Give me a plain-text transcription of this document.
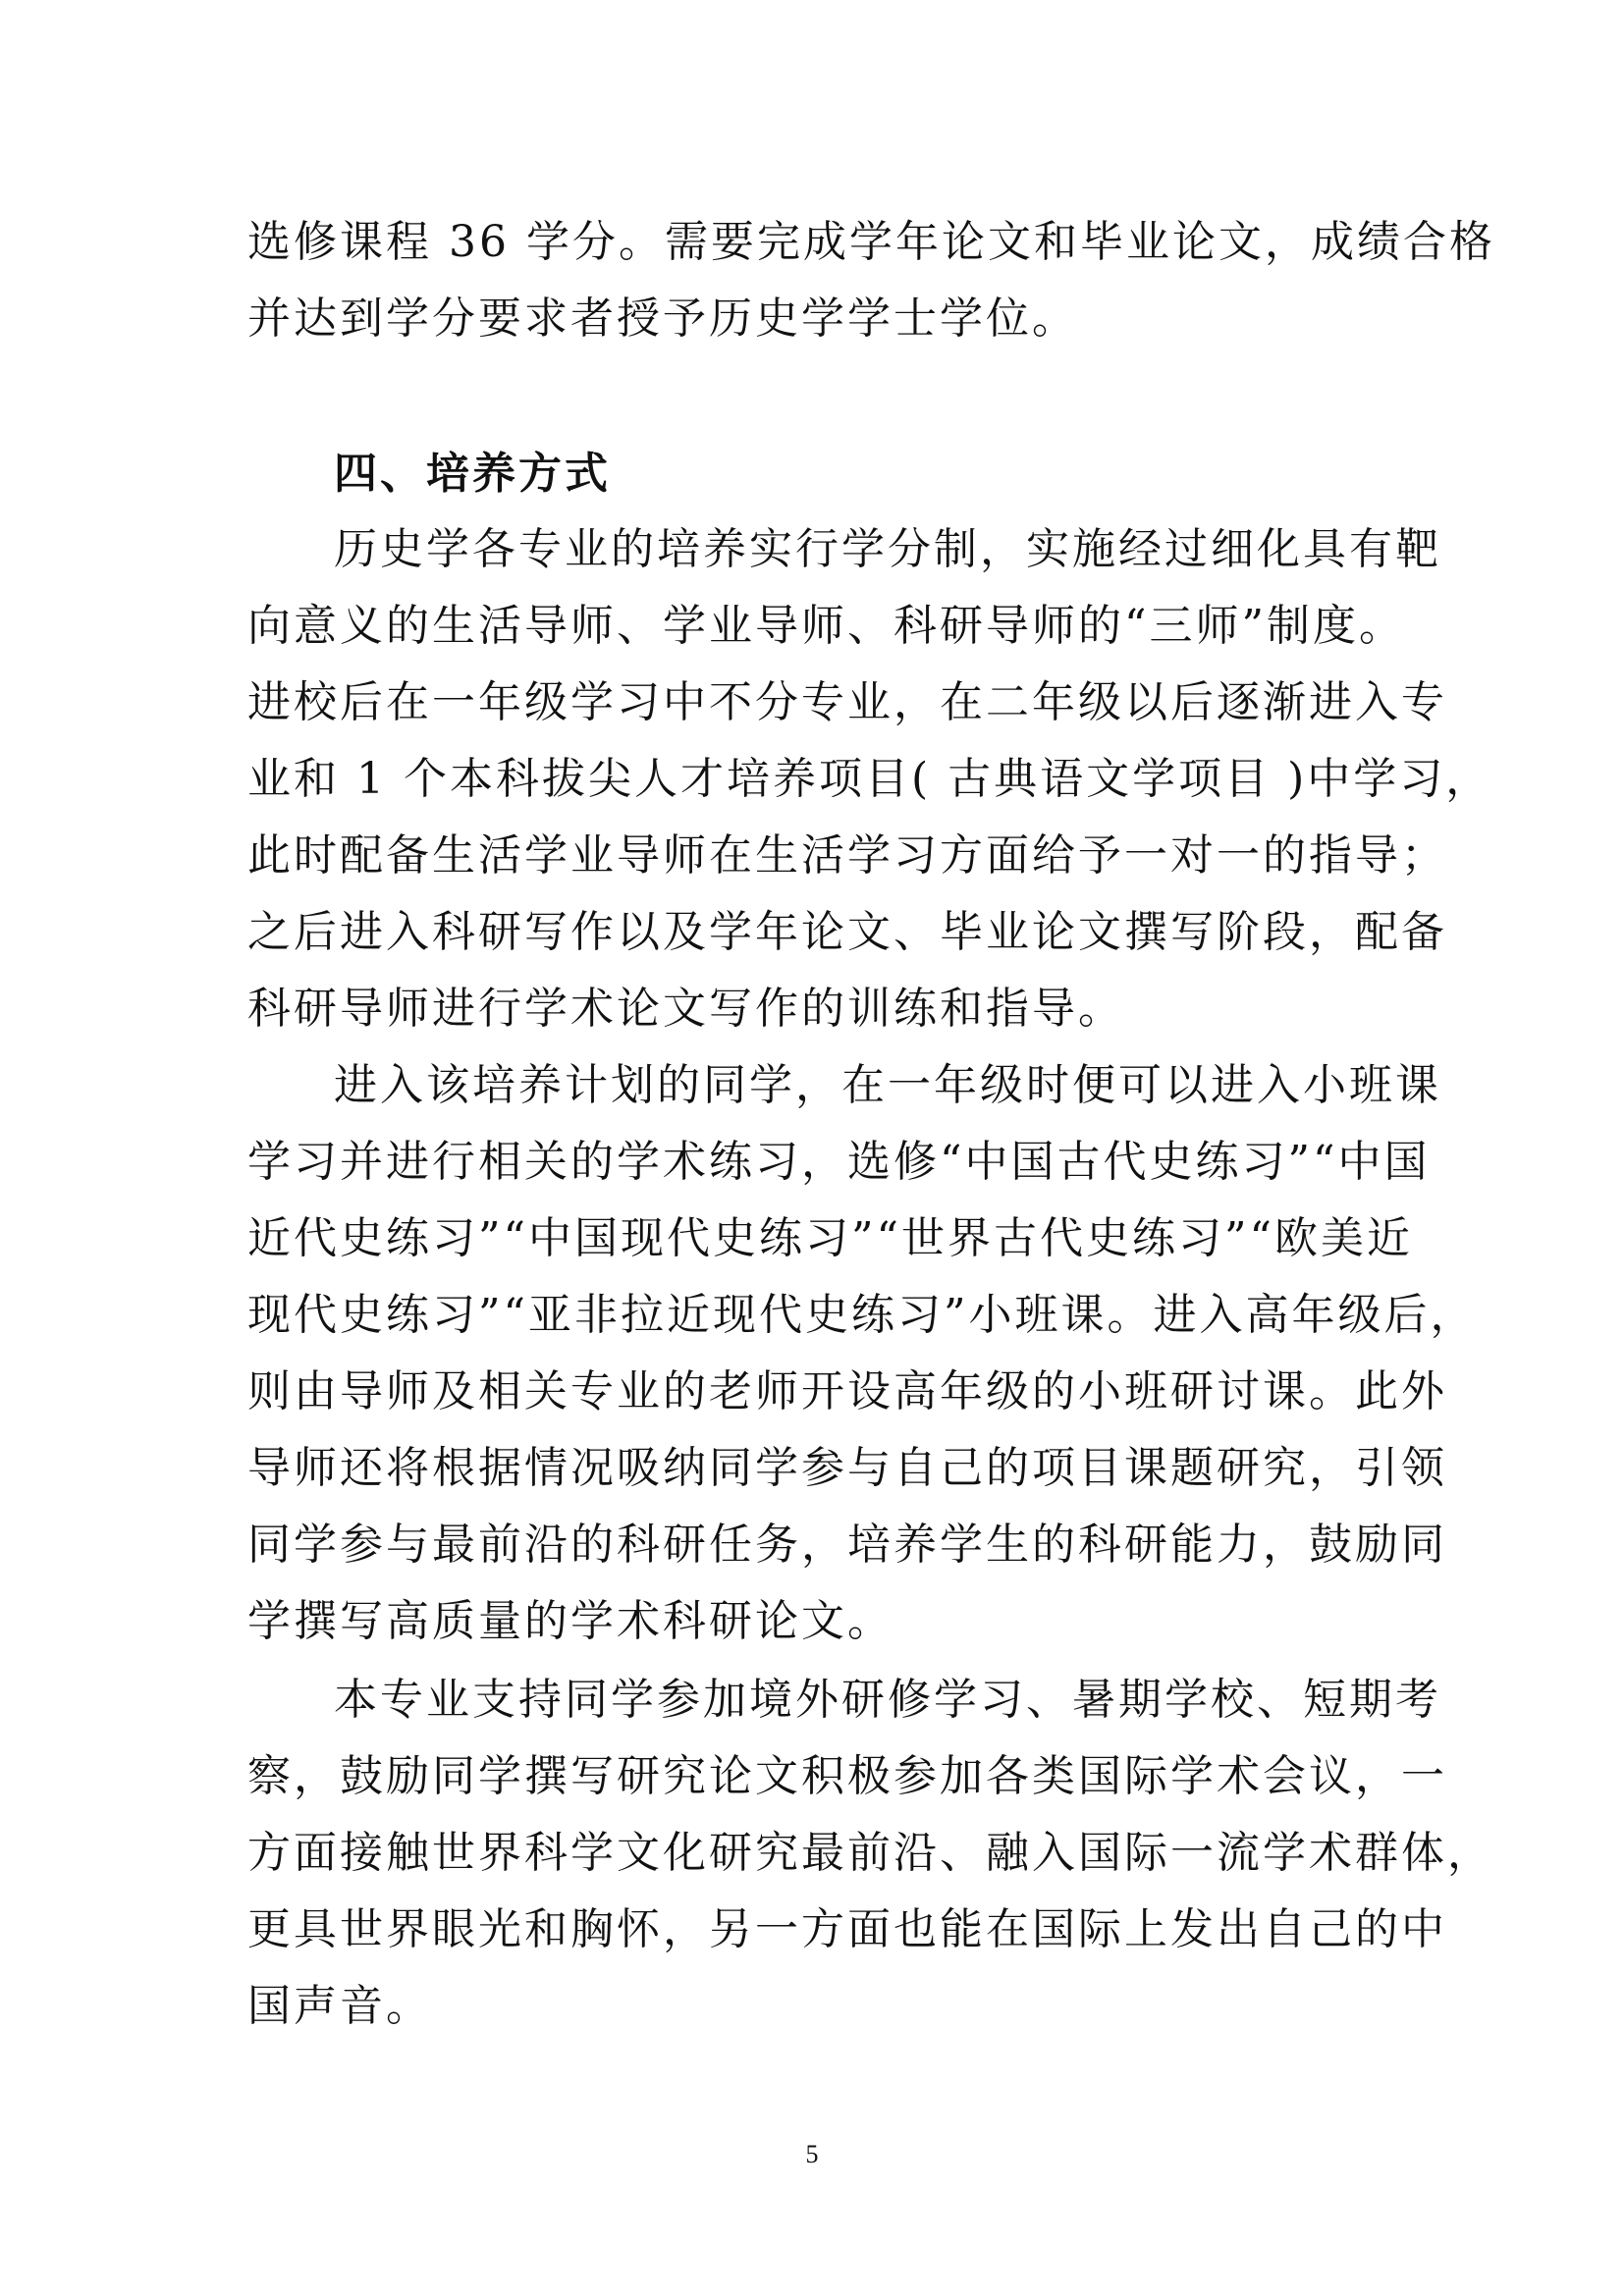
选修课程 36 学分。需要完成学年论文和毕业论文，成绩合格
并达到学分要求者授予历史学学士学位。
四、培养方式
历史学各专业的培养实行学分制，实施经过细化具有靶
向意义的生活导师、学业导师、科研导师的“三师”制度。
进校后在一年级学习中不分专业，在二年级以后逐渐进入专
业和 1 个本科拔尖人才培养项目( 古典语文学项目 )中学习，
此时配备生活学业导师在生活学习方面给予一对一的指导；
之后进入科研写作以及学年论文、毕业论文撰写阶段，配备
科研导师进行学术论文写作的训练和指导。
进入该培养计划的同学，在一年级时便可以进入小班课
学习并进行相关的学术练习，选修“中国古代史练习”“中国
近代史练习”“中国现代史练习”“世界古代史练习”“欧美近
现代史练习”“亚非拉近现代史练习”小班课。进入高年级后，
则由导师及相关专业的老师开设高年级的小班研讨课。此外
导师还将根据情况吸纳同学参与自己的项目课题研究，引领
同学参与最前沿的科研任务，培养学生的科研能力，鼓励同
学撰写高质量的学术科研论文。
本专业支持同学参加境外研修学习、暑期学校、短期考
察，鼓励同学撰写研究论文积极参加各类国际学术会议，一
方面接触世界科学文化研究最前沿、融入国际一流学术群体，
更具世界眼光和胸怀，另一方面也能在国际上发出自己的中
国声音。
5
